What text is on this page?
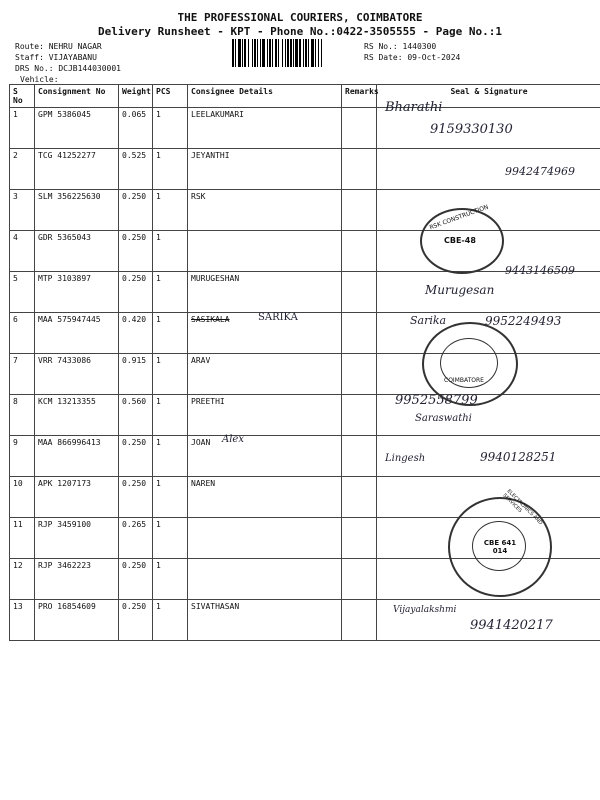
THE PROFESSIONAL COURIERS, COIMBATORE
Delivery Runsheet - KPT - Phone No.:0422-3505555 - Page No.:1
Route: NEHRU NAGAR
Staff: VIJAYABANU
DRS No.: DCJB144030001
Vehicle:
RS No.: 1440300
RS Date: 09-Oct-2024
S No	Consignment No	Weight	PCS	Consignee Details	Remarks	Seal & Signature
1	GPM 5386045	0.065	1	LEELAKUMARI		
2	TCG 41252277	0.525	1	JEYANTHI		
3	SLM 356225630	0.250	1	RSK		
4	GDR 5365043	0.250	1			
5	MTP 3103897	0.250	1	MURUGESHAN		
6	MAA 575947445	0.420	1	SASIKALA		
7	VRR 7433086	0.915	1	ARAV		
8	KCM 13213355	0.560	1	PREETHI		
9	MAA 866996413	0.250	1	JOAN		
10	APK 1207173	0.250	1	NAREN		
11	RJP 3459100	0.265	1			
12	RJP 3462223	0.250	1			
13	PRO 16854609	0.250	1	SIVATHASAN		
Bharathi
9159330130
9942474969
9443146509
Murugesan
SARIKA	Sarika	9952249493
9952558799
Saraswathi
Alex
Lingesh	9940128251
Vijayalakshmi
9941420217
RSK CONSTRUCTION
CBE-48
COIMBATORE
CBE 641 014
ELECTRONICS AND SERVICES
